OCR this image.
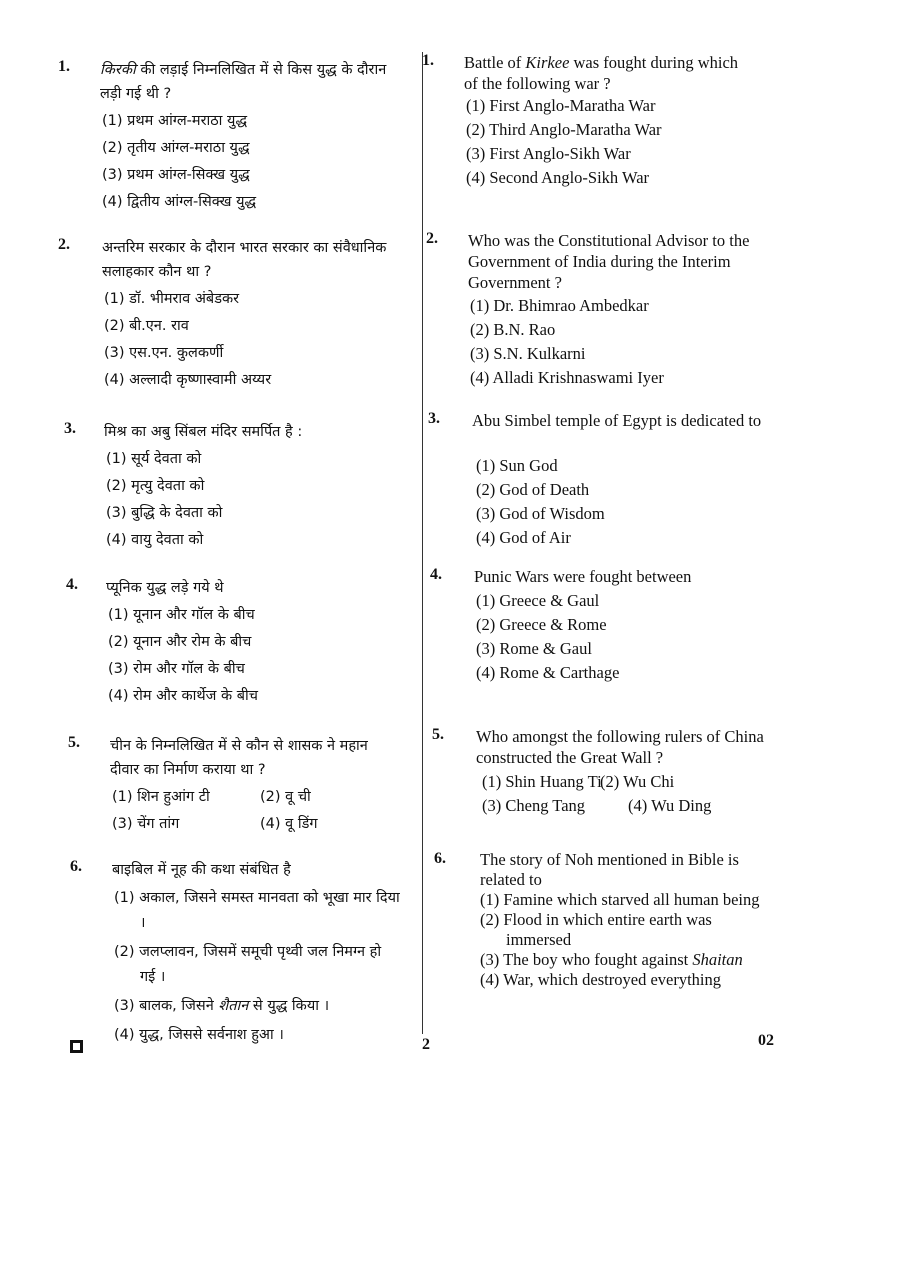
1. किरकी की लड़ाई निम्नलिखित में से किस युद्ध के दौरान लड़ी गई थी ?
(1) प्रथम आंग्ल-मराठा युद्ध
(2) तृतीय आंग्ल-मराठा युद्ध
(3) प्रथम आंग्ल-सिक्ख युद्ध
(4) द्वितीय आंग्ल-सिक्ख युद्ध
2. अन्तरिम सरकार के दौरान भारत सरकार का संवैधानिक सलाहकार कौन था ?
(1) डॉ. भीमराव अंबेडकर
(2) बी.एन. राव
(3) एस.एन. कुलकर्णी
(4) अल्लादी कृष्णास्वामी अय्यर
3. मिश्र का अबु सिंबल मंदिर समर्पित है :
(1) सूर्य देवता को
(2) मृत्यु देवता को
(3) बुद्धि के देवता को
(4) वायु देवता को
4. प्यूनिक युद्ध लड़े गये थे
(1) यूनान और गॉल के बीच
(2) यूनान और रोम के बीच
(3) रोम और गॉल के बीच
(4) रोम और कार्थेज के बीच
5. चीन के निम्नलिखित में से कौन से शासक ने महान दीवार का निर्माण कराया था ?
(1) शिन हुआंग टी	(2) वू ची
(3) चेंग तांग	(4) वू डिंग
6. बाइबिल में नूह की कथा संबंधित है
(1) अकाल, जिसने समस्त मानवता को भूखा मार दिया ।
(2) जलप्लावन, जिसमें समूची पृथ्वी जल निमग्न हो गई ।
(3) बालक, जिसने शैतान से युद्ध किया ।
(4) युद्ध, जिससे सर्वनाश हुआ ।
1. Battle of Kirkee was fought during which of the following war ?
(1) First Anglo-Maratha War
(2) Third Anglo-Maratha War
(3) First Anglo-Sikh War
(4) Second Anglo-Sikh War
2. Who was the Constitutional Advisor to the Government of India during the Interim Government ?
(1) Dr. Bhimrao Ambedkar
(2) B.N. Rao
(3) S.N. Kulkarni
(4) Alladi Krishnaswami Iyer
3. Abu Simbel temple of Egypt is dedicated to
(1) Sun God
(2) God of Death
(3) God of Wisdom
(4) God of Air
4. Punic Wars were fought between
(1) Greece & Gaul
(2) Greece & Rome
(3) Rome & Gaul
(4) Rome & Carthage
5. Who amongst the following rulers of China constructed the Great Wall ?
(1) Shin Huang Ti
(2) Wu Chi
(3) Cheng Tang	(4) Wu Ding
6. The story of Noh mentioned in Bible is related to
(1) Famine which starved all human being
(2) Flood in which entire earth was immersed
(3) The boy who fought against Shaitan
(4) War, which destroyed everything
2	02
